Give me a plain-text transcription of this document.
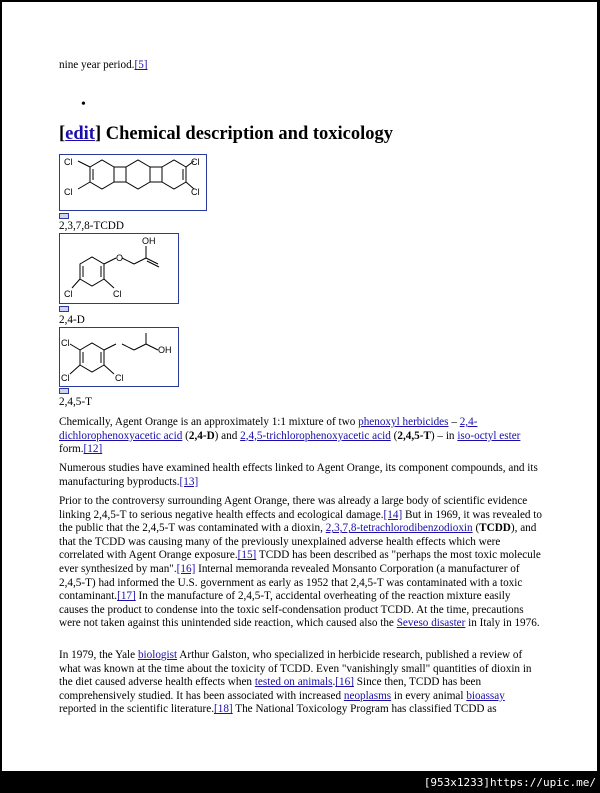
nine year period.[5]
•
[edit] Chemical description and toxicology
Cl
Cl
Cl
Cl
2,3,7,8-TCDD
OH
O
Cl	Cl
2,4-D
OH
Cl
Cl	Cl
2,4,5-T

Chemically, Agent Orange is an approximately 1:1 mixture of two phenoxyl herbicides – 2,4-dichlorophenoxyacetic acid (2,4-D) and 2,4,5-trichlorophenoxyacetic acid (2,4,5-T) – in iso-octyl ester form.[12]

Numerous studies have examined health effects linked to Agent Orange, its component compounds, and its manufacturing byproducts.[13]

Prior to the controversy surrounding Agent Orange, there was already a large body of scientific evidence linking 2,4,5-T to serious negative health effects and ecological damage.[14] But in 1969, it was revealed to the public that the 2,4,5-T was contaminated with a dioxin, 2,3,7,8-tetrachlorodibenzodioxin (TCDD), and that the TCDD was causing many of the previously unexplained adverse health effects which were correlated with Agent Orange exposure.[15] TCDD has been described as "perhaps the most toxic molecule ever synthesized by man".[16] Internal memoranda revealed Monsanto Corporation (a manufacturer of 2,4,5-T) had informed the U.S. government as early as 1952 that 2,4,5-T was contaminated with a toxic contaminant.[17] In the manufacture of 2,4,5-T, accidental overheating of the reaction mixture easily causes the product to condense into the toxic self-condensation product TCDD. At the time, precautions were not taken against this unintended side reaction, which caused also the Seveso disaster in Italy in 1976.

In 1979, the Yale biologist Arthur Galston, who specialized in herbicide research, published a review of what was known at the time about the toxicity of TCDD. Even "vanishingly small" quantities of dioxin in the diet caused adverse health effects when tested on animals.[16] Since then, TCDD has been comprehensively studied. It has been associated with increased neoplasms in every animal bioassay reported in the scientific literature.[18] The National Toxicology Program has classified TCDD as

[953x1233]https://upic.me/
